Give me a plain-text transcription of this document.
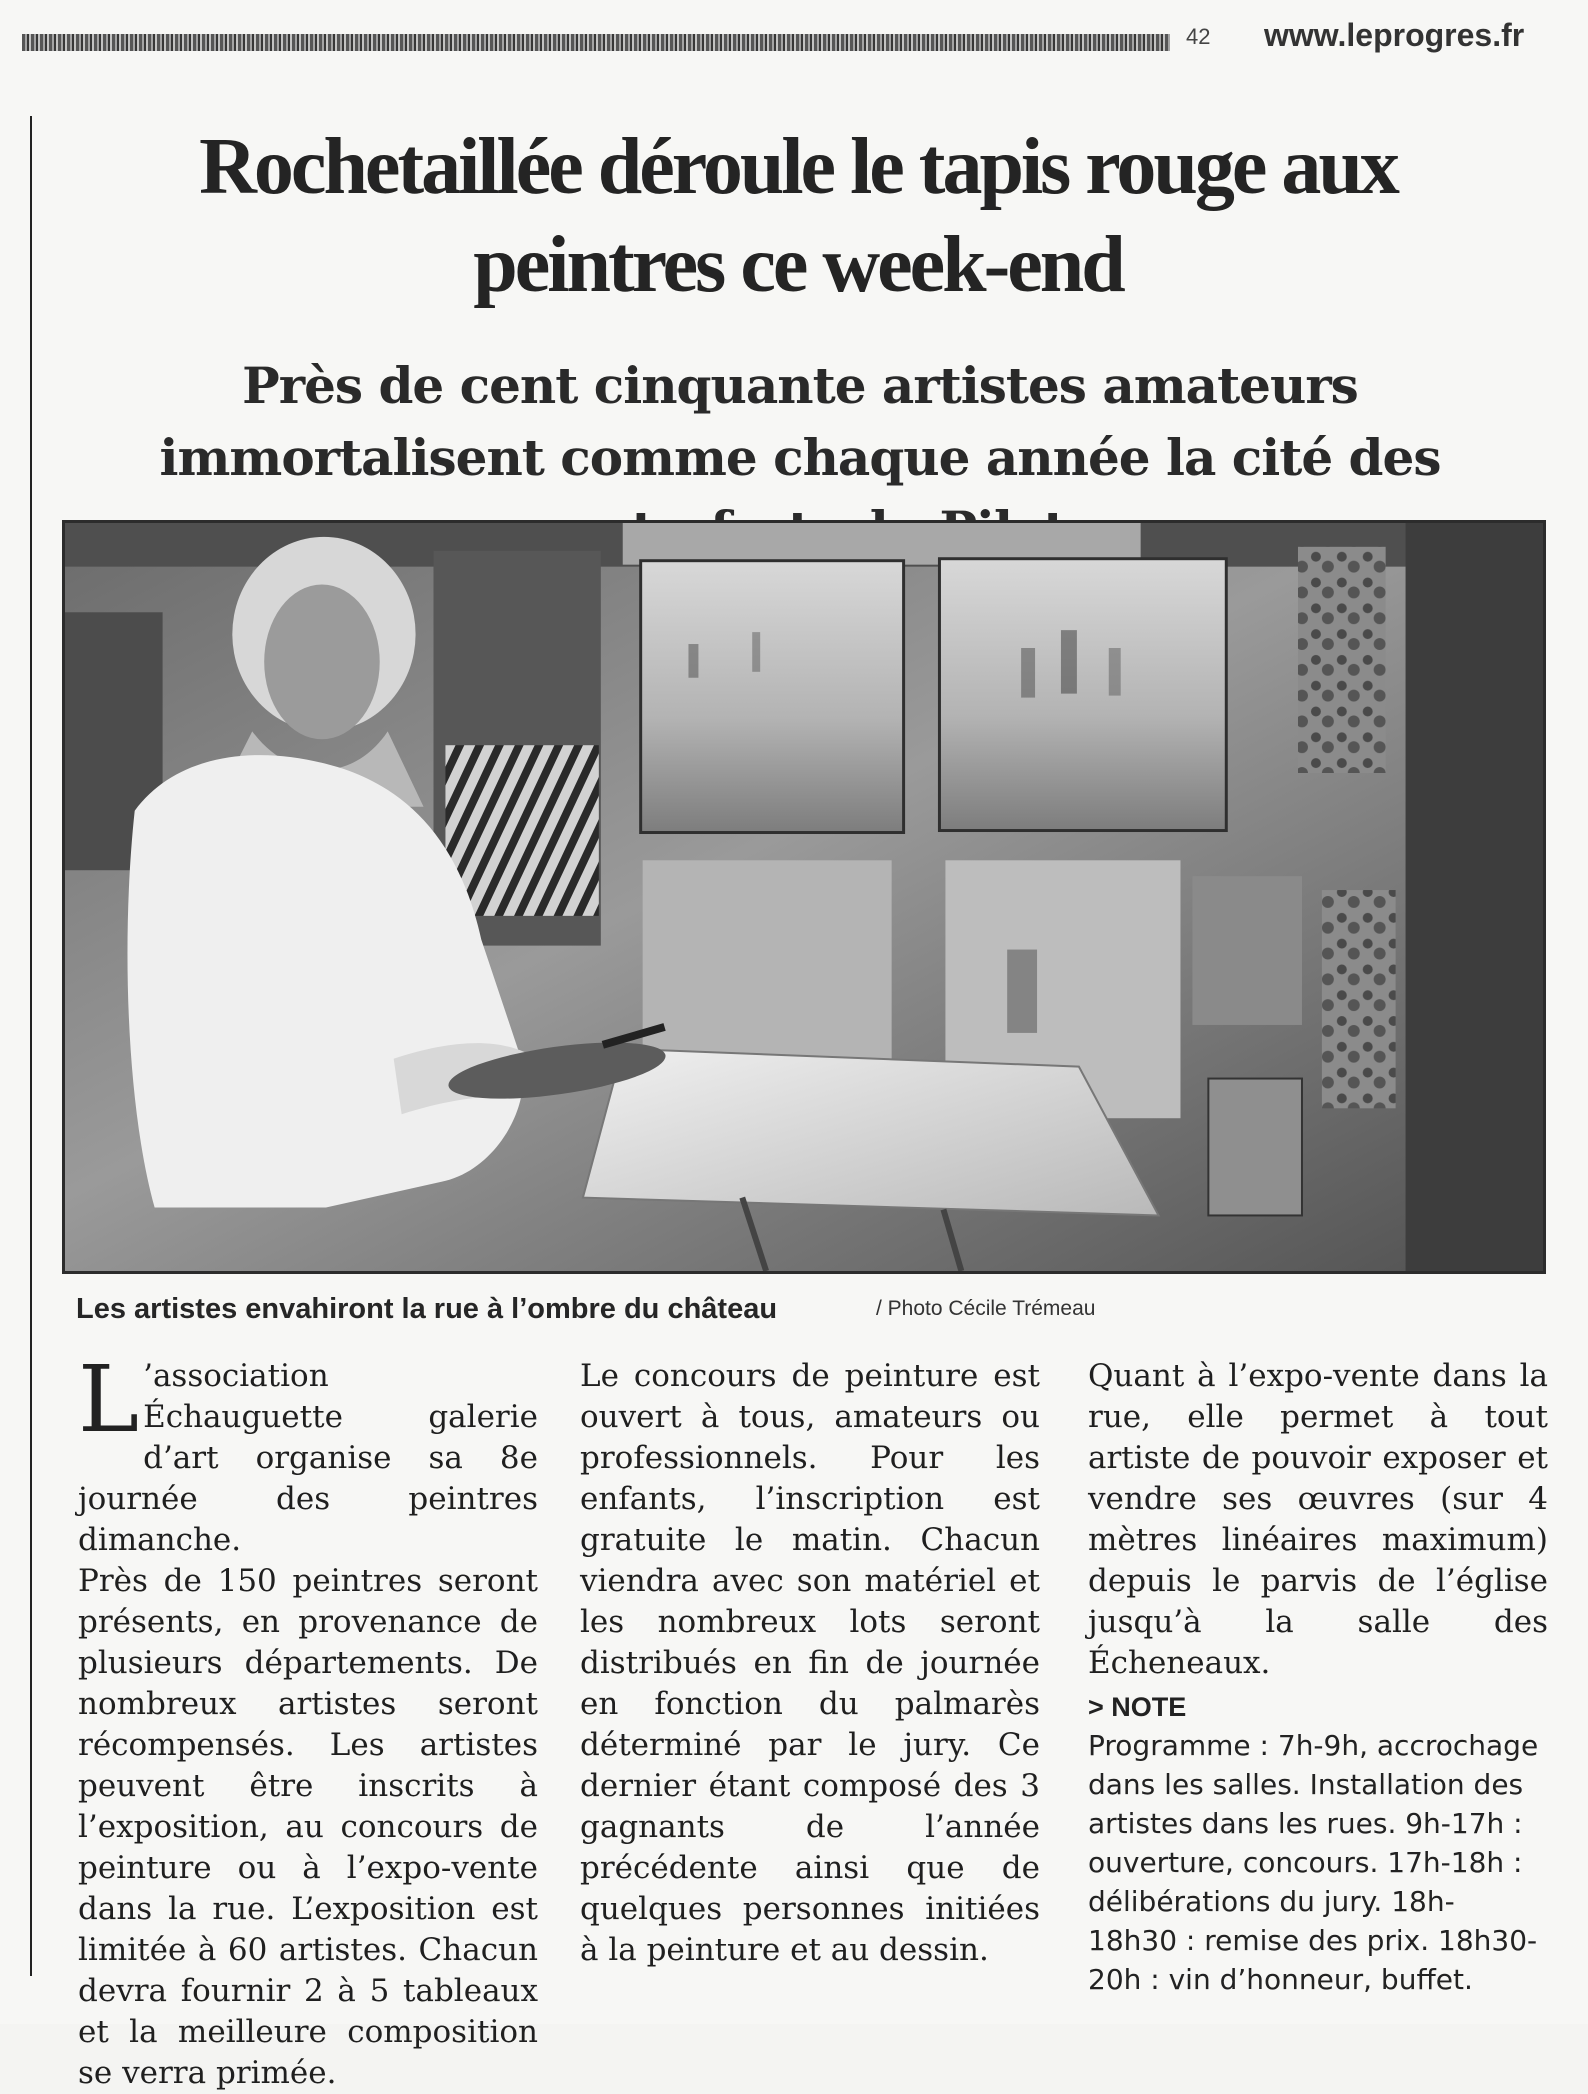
42	www.leprogres.fr
Rochetaillée déroule le tapis rouge aux peintres ce week-end
Près de cent cinquante artistes amateurs immortalisent comme chaque année la cité des
Les artistes envahiront la rue à l’ombre du château	/ Photo Cécile Trémeau

L ’association Échauguette galerie d’art organise sa 8e journée des peintres dimanche.

Près de 150 peintres seront présents, en provenance de plusieurs départements. De nombreux artistes seront récompensés. Les artistes peuvent être inscrits à l’exposition, au concours de peinture ou à l’expo-vente dans la rue. L’exposition est limitée à 60 artistes. Chacun devra fournir 2 à 5 tableaux et la meilleure composition se verra primée.

Le concours de peinture est ouvert à tous, amateurs ou professionnels. Pour les enfants, l’inscription est gratuite le matin. Chacun viendra avec son matériel et les nombreux lots seront distribués en fin de journée en fonction du palmarès déterminé par le jury. Ce dernier étant composé des 3 gagnants de l’année précédente ainsi que de quelques personnes initiées à la peinture et au dessin.

Quant à l’expo-vente dans la rue, elle permet à tout artiste de pouvoir exposer et vendre ses œuvres (sur 4 mètres linéaires maximum) depuis le parvis de l’église jusqu’à la salle des Écheneaux.

> NOTE

Programme : 7h-9h, accrochage dans les salles. Installation des artistes dans les rues. 9h-17h : ouverture, concours. 17h-18h : délibérations du jury. 18h- 18h30 : remise des prix. 18h30-20h : vin d’honneur, buffet.
